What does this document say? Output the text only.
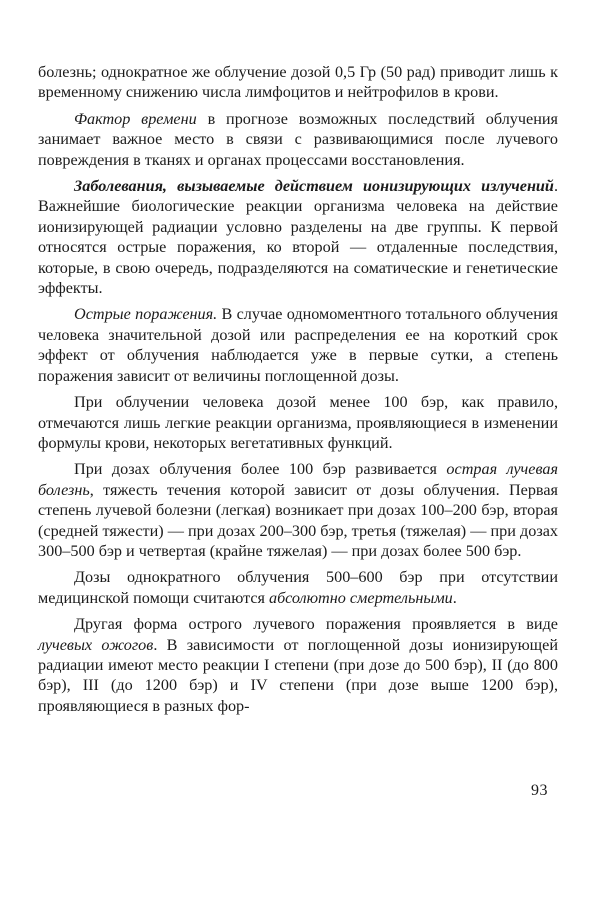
болезнь; однократное же облучение дозой 0,5 Гр (50 рад) приводит лишь к временному снижению числа лимфоцитов и нейтрофилов в крови.

Фактор времени в прогнозе возможных последствий облучения занимает важное место в связи с развивающимися после лучевого повреждения в тканях и органах процессами восстановления.

Заболевания, вызываемые действием ионизирующих излучений. Важнейшие биологические реакции организма человека на действие ионизирующей радиации условно разделены на две группы. К первой относятся острые поражения, ко второй — отдаленные последствия, которые, в свою очередь, подразделяются на соматические и генетические эффекты.

Острые поражения. В случае одномоментного тотального облучения человека значительной дозой или распределения ее на короткий срок эффект от облучения наблюдается уже в первые сутки, а степень поражения зависит от величины поглощенной дозы.

При облучении человека дозой менее 100 бэр, как правило, отмечаются лишь легкие реакции организма, проявляющиеся в изменении формулы крови, некоторых вегетативных функций.

При дозах облучения более 100 бэр развивается острая лучевая болезнь, тяжесть течения которой зависит от дозы облучения. Первая степень лучевой болезни (легкая) возникает при дозах 100–200 бэр, вторая (средней тяжести) — при дозах 200–300 бэр, третья (тяжелая) — при дозах 300–500 бэр и четвертая (крайне тяжелая) — при дозах более 500 бэр.

Дозы однократного облучения 500–600 бэр при отсутствии медицинской помощи считаются абсолютно смертельными.

Другая форма острого лучевого поражения проявляется в виде лучевых ожогов. В зависимости от поглощенной дозы ионизирующей радиации имеют место реакции I степени (при дозе до 500 бэр), II (до 800 бэр), III (до 1200 бэр) и IV степени (при дозе выше 1200 бэр), проявляющиеся в разных фор-

93
